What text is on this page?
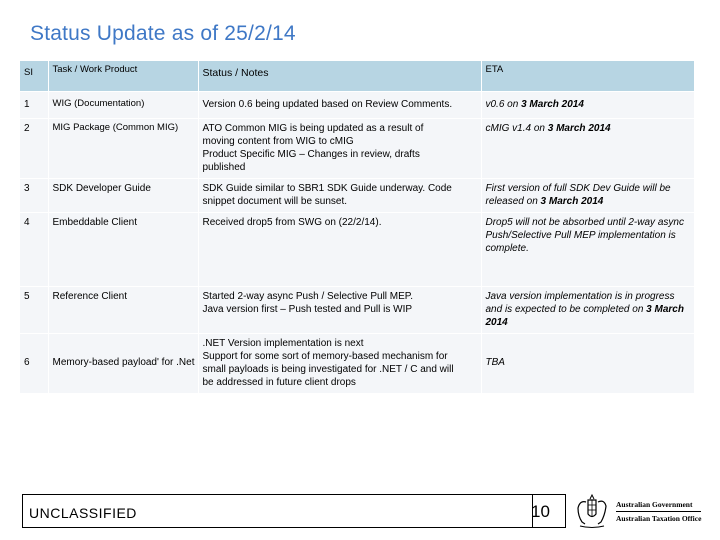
Status Update as of 25/2/14
SI	Task / Work Product	Status / Notes	ETA
1	WIG (Documentation)	Version 0.6 being updated based on Review Comments.	v0.6 on 3 March 2014
2	MIG Package (Common MIG)	ATO Common MIG is being updated as a result of
moving content from WIG to cMIG
Product Specific MIG – Changes in review, drafts
published	cMIG v1.4 on 3 March 2014
3	SDK Developer Guide	SDK Guide similar to SBR1 SDK Guide underway. Code
snippet document will be sunset.	First version of full SDK Dev Guide will be released on 3 March 2014
4	Embeddable Client	Received drop5 from SWG on (22/2/14).	Drop5 will not be absorbed until 2-way async Push/Selective Pull MEP implementation is complete.
5	Reference Client	Started 2-way async Push / Selective Pull MEP.
Java version first – Push tested and Pull is WIP	Java version implementation is in progress and is expected to be completed on 3 March 2014
6	Memory-based payload' for .Net	.NET Version implementation is next
Support for some sort of memory-based mechanism for
small payloads is being investigated for .NET / C and will
be addressed in future client drops	TBA
UNCLASSIFIED	10	Australian Government
Australian Taxation Office
